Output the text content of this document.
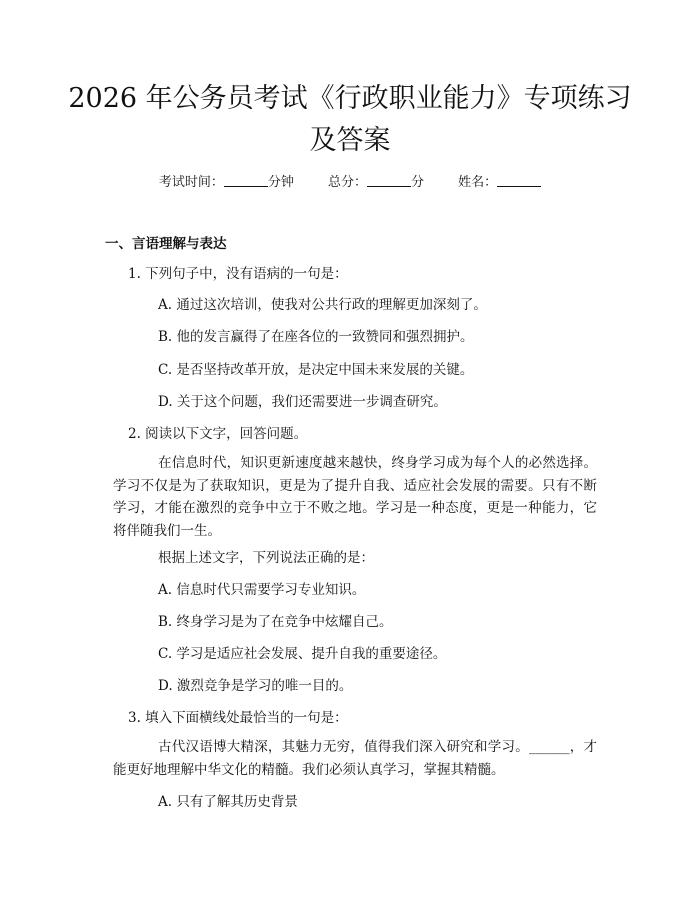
2026 年公务员考试《行政职业能力》专项练习及答案
考试时间：	分钟	总分：	分	姓名：
一、言语理解与表达
1. 下列句子中，没有语病的一句是：
A. 通过这次培训，使我对公共行政的理解更加深刻了。
B. 他的发言赢得了在座各位的一致赞同和强烈拥护。
C. 是否坚持改革开放，是决定中国未来发展的关键。
D. 关于这个问题，我们还需要进一步调查研究。
2. 阅读以下文字，回答问题。
在信息时代，知识更新速度越来越快，终身学习成为每个人的必然选择。学习不仅是为了获取知识，更是为了提升自我、适应社会发展的需要。只有不断学习，才能在激烈的竞争中立于不败之地。学习是一种态度，更是一种能力，它将伴随我们一生。
根据上述文字，下列说法正确的是：
A. 信息时代只需要学习专业知识。
B. 终身学习是为了在竞争中炫耀自己。
C. 学习是适应社会发展、提升自我的重要途径。
D. 激烈竞争是学习的唯一目的。
3. 填入下面横线处最恰当的一句是：
古代汉语博大精深，其魅力无穷，值得我们深入研究和学习。______，才能更好地理解中华文化的精髓。我们必须认真学习，掌握其精髓。
A. 只有了解其历史背景
